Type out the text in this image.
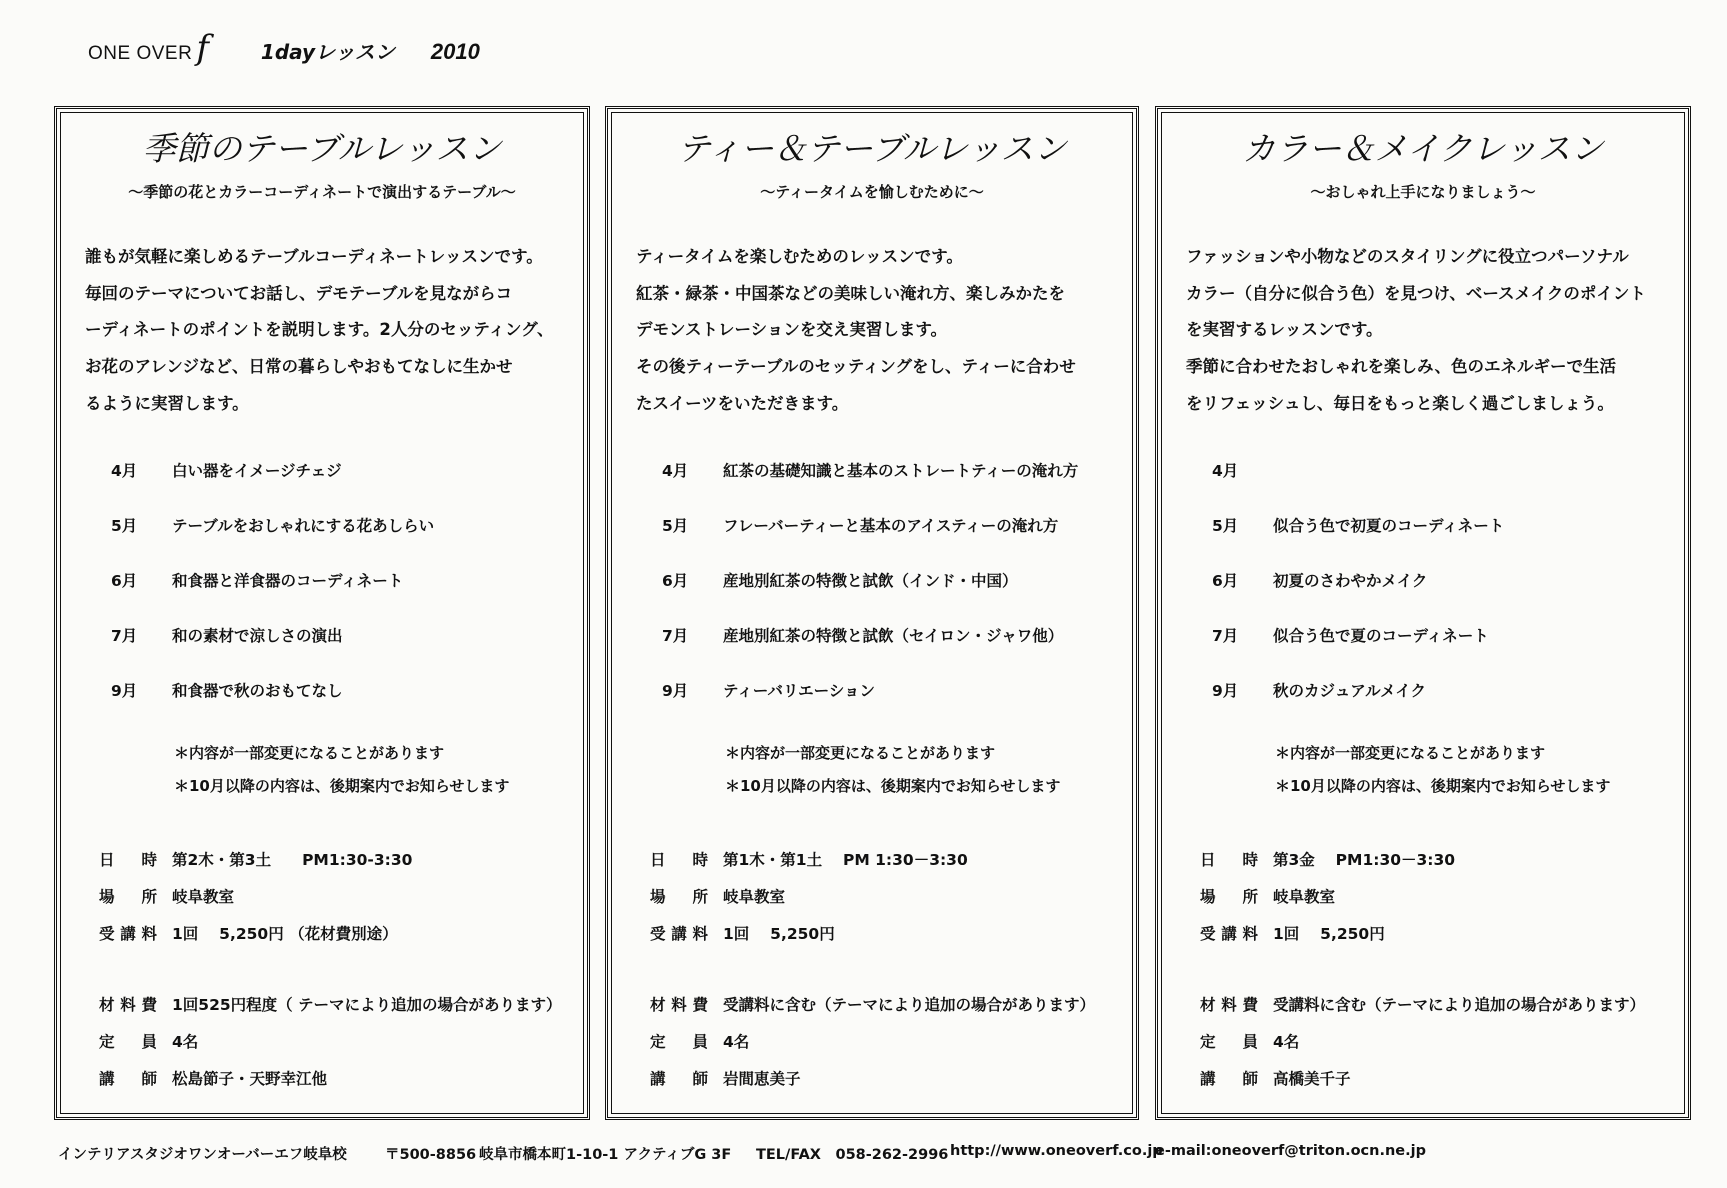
ONE OVER f	1dayレッスン 2010
季節のテーブルレッスン
～季節の花とカラーコーディネートで演出するテーブル～
誰もが気軽に楽しめるテーブルコーディネートレッスンです。
毎回のテーマについてお話し、デモテーブルを見ながらコ
ーディネートのポイントを説明します。2人分のセッティング、
お花のアレンジなど、日常の暮らしやおもてなしに生かせ
るように実習します。
4月 白い器をイメージチェジ
5月 テーブルをおしゃれにする花あしらい
6月 和食器と洋食器のコーディネート
7月 和の素材で涼しさの演出
9月 和食器で秋のおもてなし
＊内容が一部変更になることがあります
＊10月以降の内容は、後期案内でお知らせします
日時 第2木・第3土　　PM1:30-3:30
場所 岐阜教室
受講料 1回　 5,250円 （花材費別途）
材料費 1回525円程度（ テーマにより追加の場合があります）
定員 4名
講師 松島節子・天野幸江他
ティー＆テーブルレッスン
～ティータイムを愉しむために～
ティータイムを楽しむためのレッスンです。
紅茶・緑茶・中国茶などの美味しい淹れ方、楽しみかたを
デモンストレーションを交え実習します。
その後ティーテーブルのセッティングをし、ティーに合わせ
たスイーツをいただきます。
4月 紅茶の基礎知識と基本のストレートティーの淹れ方
5月 フレーバーティーと基本のアイスティーの淹れ方
6月 産地別紅茶の特徴と試飲（インド・中国）
7月 産地別紅茶の特徴と試飲（セイロン・ジャワ他）
9月 ティーバリエーション
＊内容が一部変更になることがあります
＊10月以降の内容は、後期案内でお知らせします
日時 第1木・第1土　 PM 1:30－3:30
場所 岐阜教室
受講料 1回　 5,250円
材料費 受講料に含む（テーマにより追加の場合があります）
定員 4名
講師 岩間恵美子
カラー＆メイクレッスン
～おしゃれ上手になりましょう～
ファッションや小物などのスタイリングに役立つパーソナル
カラー（自分に似合う色）を見つけ、ベースメイクのポイント
を実習するレッスンです。
季節に合わせたおしゃれを楽しみ、色のエネルギーで生活
をリフェッシュし、毎日をもっと楽しく過ごしましょう。
4月
5月 似合う色で初夏のコーディネート
6月 初夏のさわやかメイク
7月 似合う色で夏のコーディネート
9月 秋のカジュアルメイク
＊内容が一部変更になることがあります
＊10月以降の内容は、後期案内でお知らせします
日時 第3金　 PM1:30－3:30
場所 岐阜教室
受講料 1回　 5,250円
材料費 受講料に含む（テーマにより追加の場合があります）
定員 4名
講師 高橋美千子
インテリアスタジオワンオーバーエフ岐阜校	〒500-8856 岐阜市橋本町1-10-1 アクティブG 3F TEL/FAX　058-262-2996 http://www.oneoverf.co.jp
e-mail:oneoverf@triton.ocn.ne.jp
